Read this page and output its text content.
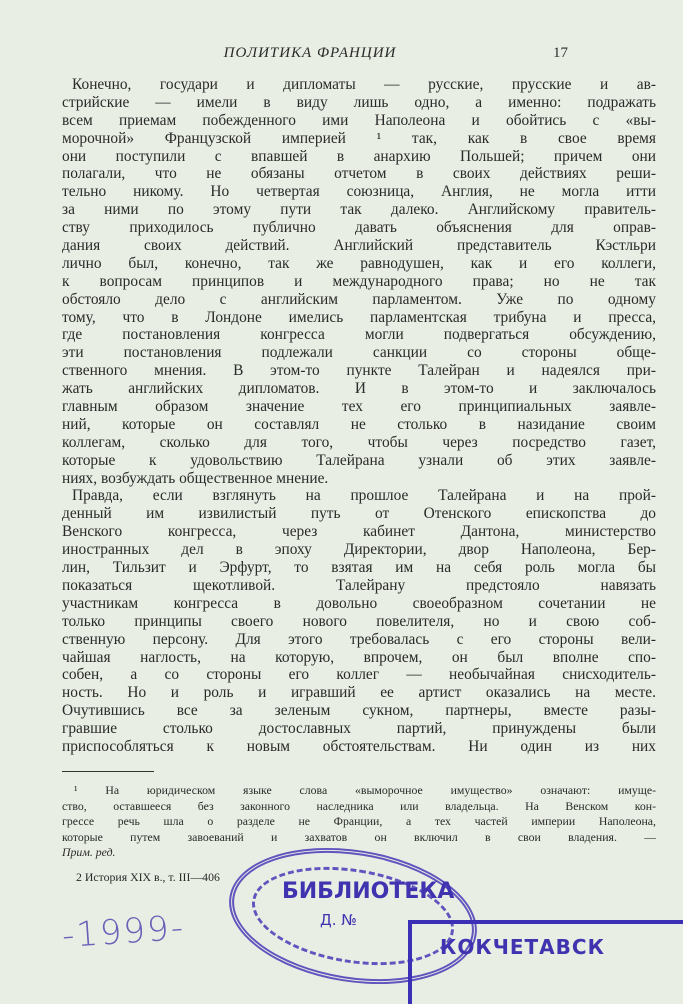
ПОЛИТИКА ФРАНЦИИ	17
Конечно, государи и дипломаты — русские, прусские и ав-
стрийские — имели в виду лишь одно, а именно: подражать
всем приемам побежденного ими Наполеона и обойтись с «вы-
морочной» Французской империей ¹ так, как в свое время
они поступили с впавшей в анархию Польшей; причем они
полагали, что не обязаны отчетом в своих действиях реши-
тельно никому. Но четвертая союзница, Англия, не могла итти
за ними по этому пути так далеко. Английскому правитель-
ству приходилось публично давать объяснения для оправ-
дания своих действий. Английский представитель Кэстльри
лично был, конечно, так же равнодушен, как и его коллеги,
к вопросам принципов и международного права; но не так
обстояло дело с английским парламентом. Уже по одному
тому, что в Лондоне имелись парламентская трибуна и пресса,
где постановления конгресса могли подвергаться обсуждению,
эти постановления подлежали санкции со стороны обще-
ственного мнения. В этом-то пункте Талейран и надеялся при-
жать английских дипломатов. И в этом-то и заключалось
главным образом значение тех его принципиальных заявле-
ний, которые он составлял не столько в назидание своим
коллегам, сколько для того, чтобы через посредство газет,
которые к удовольствию Талейрана узнали об этих заявле-
ниях, возбуждать общественное мнение.
Правда, если взглянуть на прошлое Талейрана и на прой-
денный им извилистый путь от Отенского епископства до
Венского конгресса, через кабинет Дантона, министерство
иностранных дел в эпоху Директории, двор Наполеона, Бер-
лин, Тильзит и Эрфурт, то взятая им на себя роль могла бы
показаться щекотливой. Талейрану предстояло навязать
участникам конгресса в довольно своеобразном сочетании не
только принципы своего нового повелителя, но и свою соб-
ственную персону. Для этого требовалась с его стороны вели-
чайшая наглость, на которую, впрочем, он был вполне спо-
собен, а со стороны его коллег — необычайная снисходитель-
ность. Но и роль и игравший ее артист оказались на месте.
Очутившись все за зеленым сукном, партнеры, вместе разы-
гравшие столько достославных партий, принуждены были
приспособляться к новым обстоятельствам. Ни один из них
¹ На юридическом языке слова «выморочное имущество» означают: имуще-
ство, оставшееся без законного наследника или владельца. На Венском кон-
грессе речь шла о разделе не Франции, а тех частей империи Наполеона,
которые путем завоеваний и захватов он включил в свои владения. —
Прим. ред.
2 История XIX в., т. III—406
-1999-
БИБЛИОТЕКА
Д. №
КОКЧЕТАВСК
